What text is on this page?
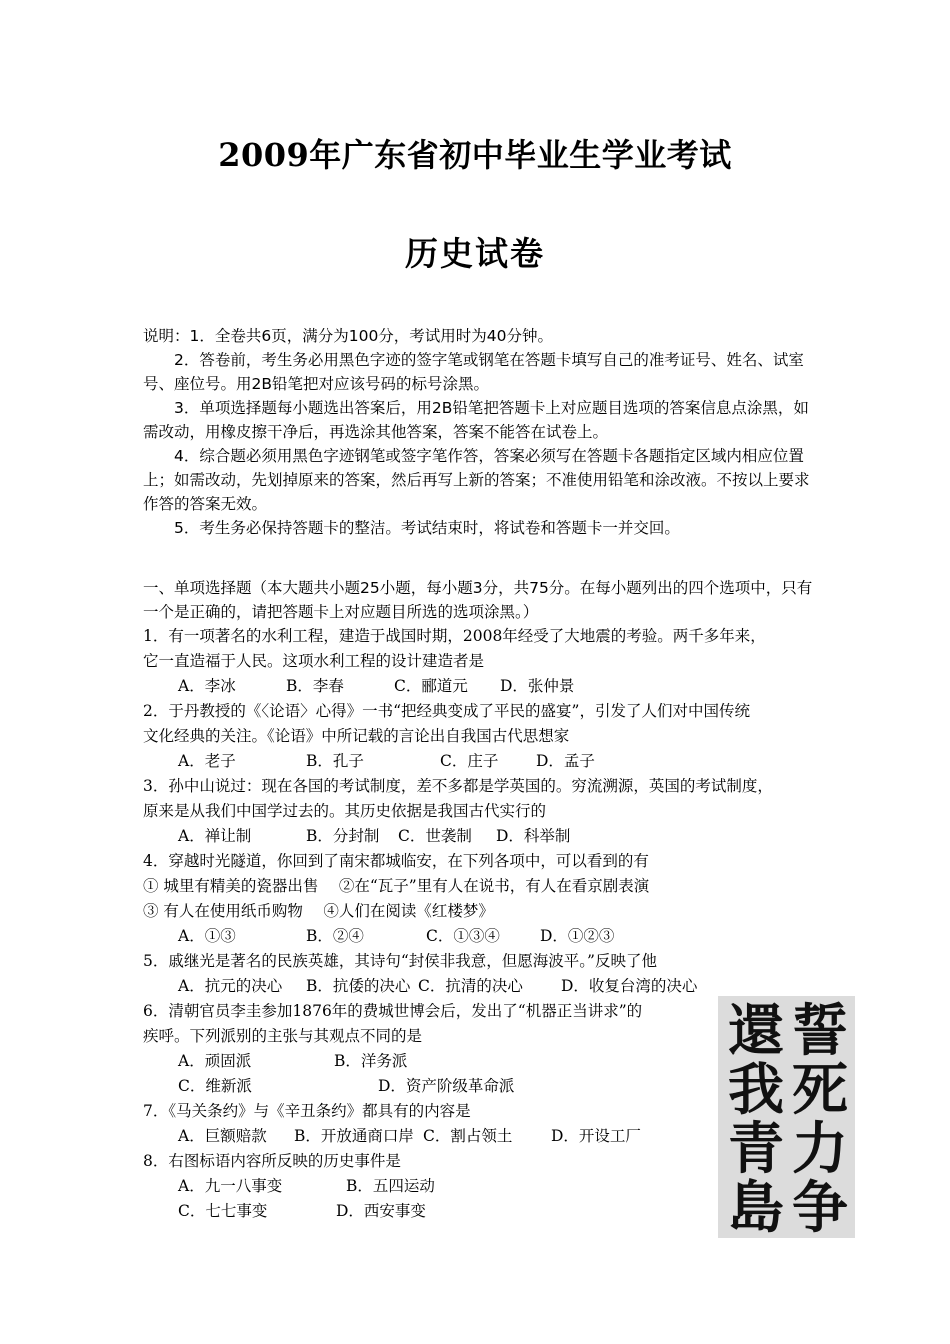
2009年广东省初中毕业生学业考试
历史试卷

说明：1．全卷共6页，满分为100分，考试用时为40分钟。

2．答卷前，考生务必用黑色字迹的签字笔或钢笔在答题卡填写自己的准考证号、姓名、试室号、座位号。用2B铅笔把对应该号码的标号涂黑。

3．单项选择题每小题选出答案后，用2B铅笔把答题卡上对应题目选项的答案信息点涂黑，如需改动，用橡皮擦干净后，再选涂其他答案，答案不能答在试卷上。

4．综合题必须用黑色字迹钢笔或签字笔作答，答案必须写在答题卡各题指定区域内相应位置上；如需改动，先划掉原来的答案，然后再写上新的答案；不准使用铅笔和涂改液。不按以上要求作答的答案无效。

5．考生务必保持答题卡的整洁。考试结束时，将试卷和答题卡一并交回。

一、单项选择题（本大题共小题25小题，每小题3分，共75分。在每小题列出的四个选项中，只有一个是正确的，请把答题卡上对应题目所选的选项涂黑。）

1．有一项著名的水利工程，建造于战国时期，2008年经受了大地震的考验。两千多年来，

它一直造福于人民。这项水利工程的设计建造者是

A．李冰	B．李春	C．郦道元 D．张仲景

2．于丹教授的《〈论语〉心得》一书“把经典变成了平民的盛宴”，引发了人们对中国传统

文化经典的关注。《论语》中所记载的言论出自我国古代思想家

A．老子	B．孔子	C．庄子 D．孟子

3．孙中山说过：现在各国的考试制度，差不多都是学英国的。穷流溯源，英国的考试制度，

原来是从我们中国学过去的。其历史依据是我国古代实行的

A．禅让制	B．分封制 C．世袭制 D．科举制

4．穿越时光隧道，你回到了南宋都城临安，在下列各项中，可以看到的有

① 城里有精美的瓷器出售　 ②在“瓦子”里有人在说书，有人在看京剧表演

③ 有人在使用纸币购物　 ④人们在阅读《红楼梦》

A．①③	B．②④	C．①③④	D．①②③

5．戚继光是著名的民族英雄，其诗句“封侯非我意，但愿海波平。”反映了他

A．抗元的决心 B．抗倭的决心 C．抗清的决心 D．收复台湾的决心

6．清朝官员李圭参加1876年的费城世博会后，发出了“机器正当讲求”的

疾呼。下列派别的主张与其观点不同的是

A．顽固派	B．洋务派

C．维新派	D．资产阶级革命派

7．《马关条约》与《辛丑条约》都具有的内容是

A．巨额赔款 B．开放通商口岸 C．割占领土 D．开设工厂

8．右图标语内容所反映的历史事件是

A．九一八事变	B．五四运动

C．七七事变	D．西安事变

還
我
青
島
誓
死
力
争
